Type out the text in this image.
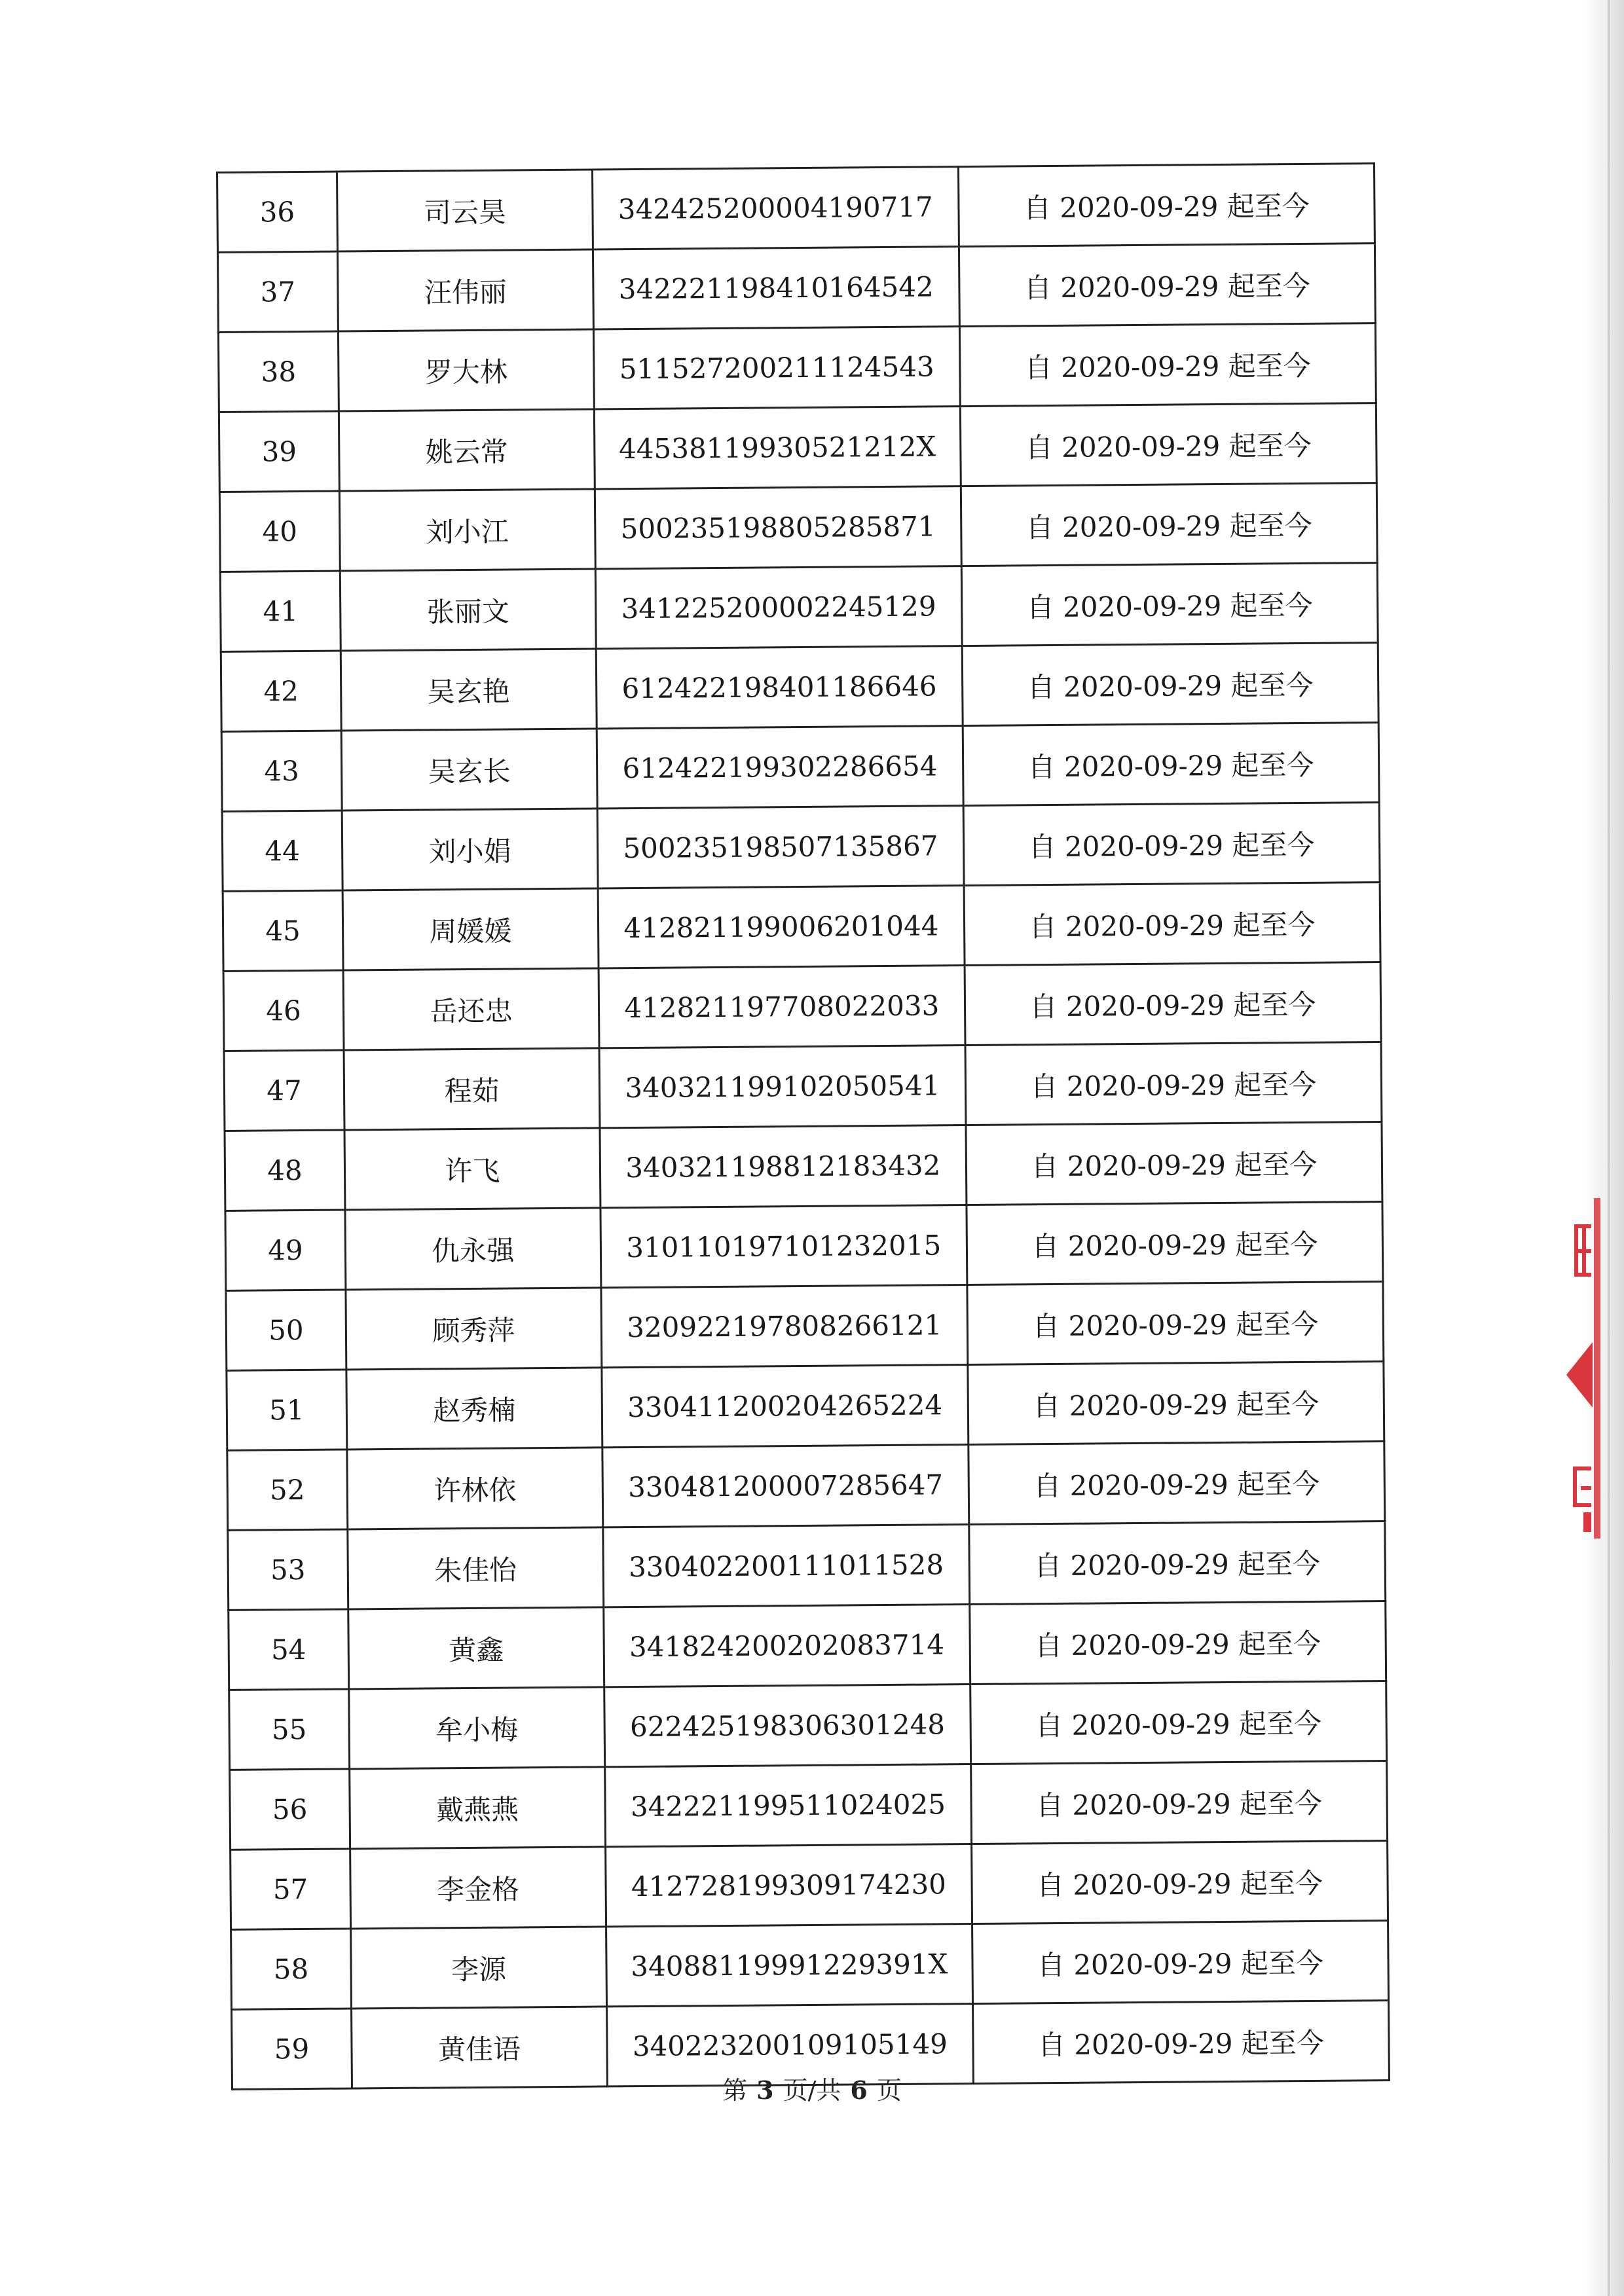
36	司云昊	342425200004190717	自 2020-09-29 起至今
37	汪伟丽	342221198410164542	自 2020-09-29 起至今
38	罗大林	511527200211124543	自 2020-09-29 起至今
39	姚云常	44538119930521212X	自 2020-09-29 起至今
40	刘小江	500235198805285871	自 2020-09-29 起至今
41	张丽文	341225200002245129	自 2020-09-29 起至今
42	吴玄艳	612422198401186646	自 2020-09-29 起至今
43	吴玄长	612422199302286654	自 2020-09-29 起至今
44	刘小娟	500235198507135867	自 2020-09-29 起至今
45	周媛媛	412821199006201044	自 2020-09-29 起至今
46	岳还忠	412821197708022033	自 2020-09-29 起至今
47	程茹	340321199102050541	自 2020-09-29 起至今
48	许飞	340321198812183432	自 2020-09-29 起至今
49	仇永强	310110197101232015	自 2020-09-29 起至今
50	顾秀萍	320922197808266121	自 2020-09-29 起至今
51	赵秀楠	330411200204265224	自 2020-09-29 起至今
52	许林依	330481200007285647	自 2020-09-29 起至今
53	朱佳怡	330402200111011528	自 2020-09-29 起至今
54	黄鑫	341824200202083714	自 2020-09-29 起至今
55	牟小梅	622425198306301248	自 2020-09-29 起至今
56	戴燕燕	342221199511024025	自 2020-09-29 起至今
57	李金格	412728199309174230	自 2020-09-29 起至今
58	李源	34088119991229391X	自 2020-09-29 起至今
59	黄佳语	340223200109105149	自 2020-09-29 起至今
第 3 页/共 6 页
